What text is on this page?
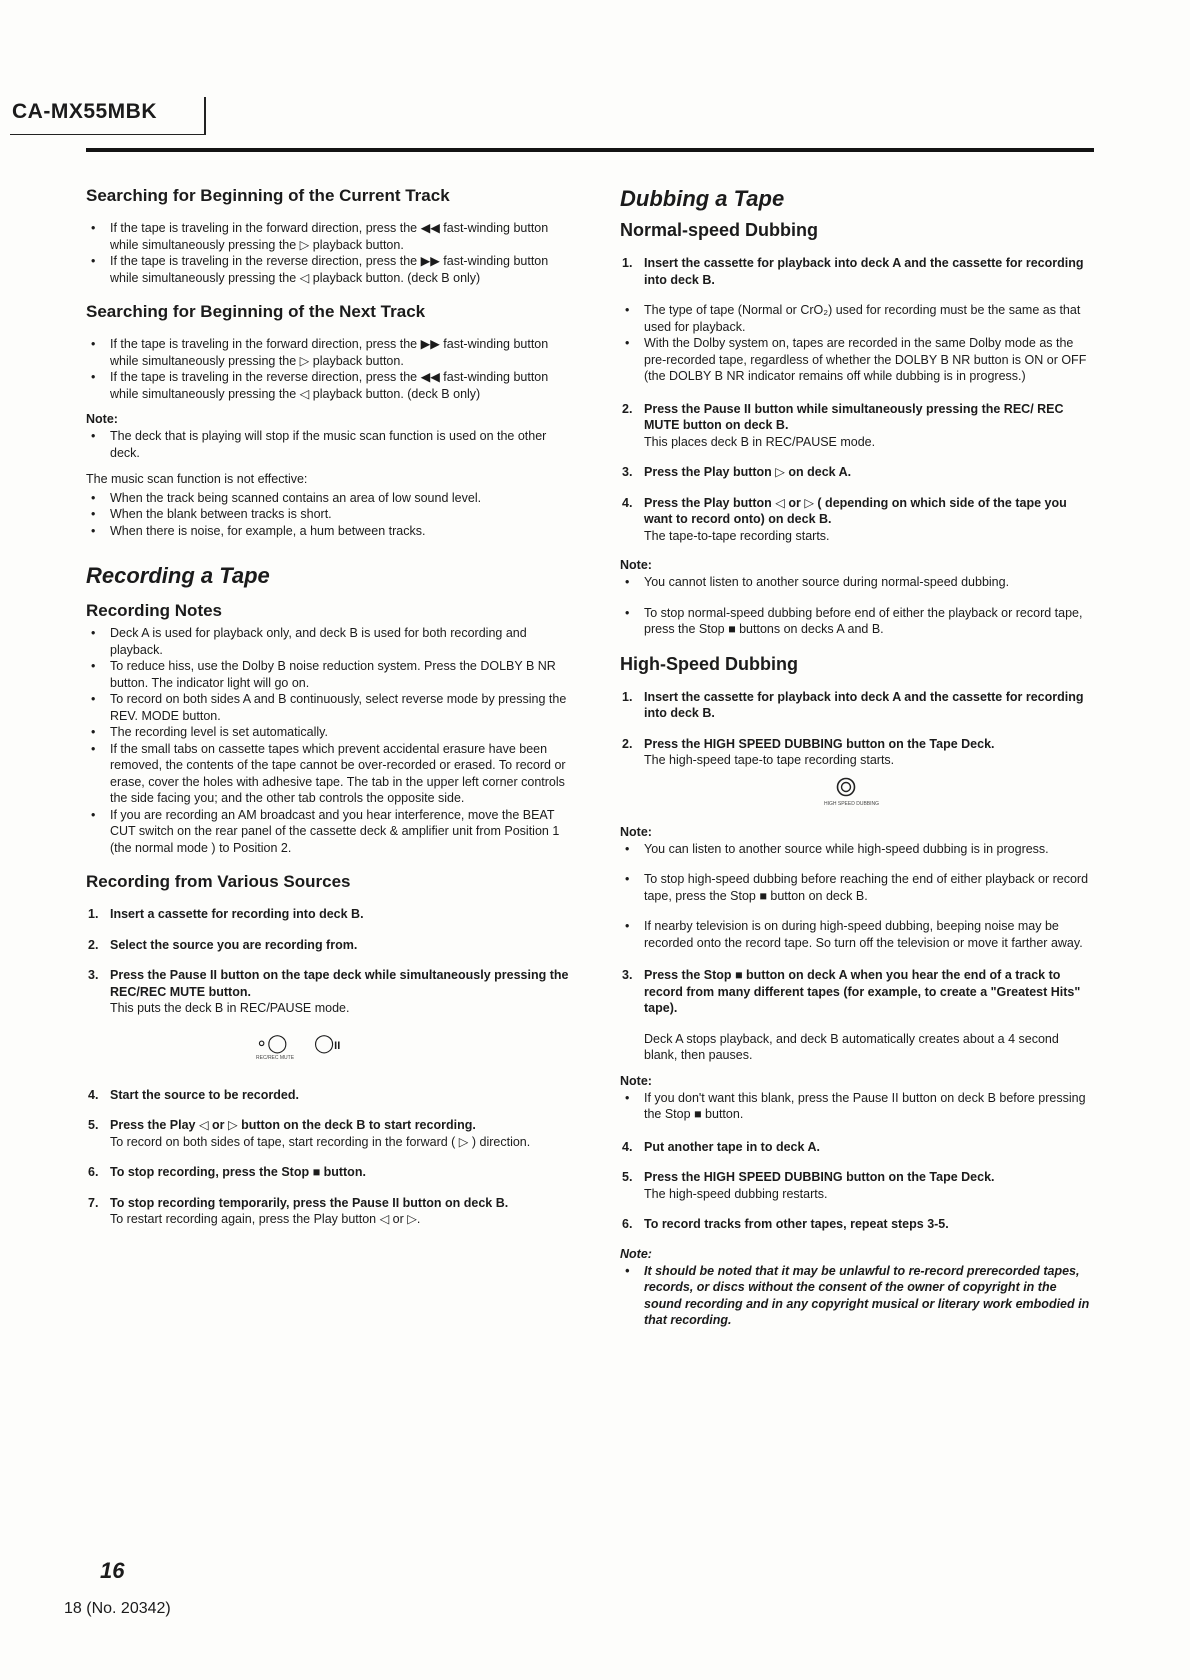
CA-MX55MBK
Searching for Beginning of the Current Track
• If the tape is traveling in the forward direction, press the ◀◀ fast-winding button while simultaneously pressing the ▷ playback button.
• If the tape is traveling in the reverse direction, press the ▶▶ fast-winding button while simultaneously pressing the ◁ playback button. (deck B only)
Searching for Beginning of the Next Track
• If the tape is traveling in the forward direction, press the ▶▶ fast-winding button while simultaneously pressing the ▷ playback button.
• If the tape is traveling in the reverse direction, press the ◀◀ fast-winding button while simultaneously pressing the ◁ playback button. (deck B only)
Note:
• The deck that is playing will stop if the music scan function is used on the other deck.
The music scan function is not effective:
• When the track being scanned contains an area of low sound level.
• When the blank between tracks is short.
• When there is noise, for example, a hum between tracks.
Recording a Tape
Recording Notes
• Deck A is used for playback only, and deck B is used for both recording and playback.
• To reduce hiss, use the Dolby B noise reduction system. Press the DOLBY B NR button. The indicator light will go on.
• To record on both sides A and B continuously, select reverse mode by pressing the REV. MODE button.
• The recording level is set automatically.
• If the small tabs on cassette tapes which prevent accidental erasure have been removed, the contents of the tape cannot be over-recorded or erased. To record or erase, cover the holes with adhesive tape. The tab in the upper left corner controls the side facing you; and the other tab controls the opposite side.
• If you are recording an AM broadcast and you hear interference, move the BEAT CUT switch on the rear panel of the cassette deck & amplifier unit from Position 1 (the normal mode ) to Position 2.
Recording from Various Sources
1. Insert a cassette for recording into deck B.
2. Select the source you are recording from.
3. Press the Pause II button on the tape deck while simultaneously pressing the REC/REC MUTE button.
This puts the deck B in REC/PAUSE mode.
∘◯
REC/REC MUTE
◯II
4. Start the source to be recorded.
5. Press the Play ◁ or ▷ button on the deck B to start recording.
To record on both sides of tape, start recording in the forward ( ▷ ) direction.
6. To stop recording, press the Stop ■ button.
7. To stop recording temporarily, press the Pause II button on deck B.
To restart recording again, press the Play button ◁ or ▷.
Dubbing a Tape
Normal-speed Dubbing
1. Insert the cassette for playback into deck A and the cassette for recording into deck B.
• The type of tape (Normal or CrO₂) used for recording must be the same as that used for playback.
• With the Dolby system on, tapes are recorded in the same Dolby mode as the pre-recorded tape, regardless of whether the DOLBY B NR button is ON or OFF (the DOLBY B NR indicator remains off while dubbing is in progress.)
2. Press the Pause II button while simultaneously pressing the REC/ REC MUTE button on deck B.
This places deck B in REC/PAUSE mode.
3. Press the Play button ▷ on deck A.
4. Press the Play button ◁ or ▷ ( depending on which side of the tape you want to record onto) on deck B.
The tape-to-tape recording starts.
Note:
• You cannot listen to another source during normal-speed dubbing.
• To stop normal-speed dubbing before end of either the playback or record tape, press the Stop ■ buttons on decks A and B.
High-Speed Dubbing
1. Insert the cassette for playback into deck A and the cassette for recording into deck B.
2. Press the HIGH SPEED DUBBING button on the Tape Deck.
The high-speed tape-to tape recording starts.
HIGH SPEED DUBBING
Note:
• You can listen to another source while high-speed dubbing is in progress.
• To stop high-speed dubbing before reaching the end of either playback or record tape, press the Stop ■ button on deck B.
• If nearby television is on during high-speed dubbing, beeping noise may be recorded onto the record tape. So turn off the television or move it farther away.
3. Press the Stop ■ button on deck A when you hear the end of a track to record from many different tapes (for example, to create a "Greatest Hits" tape).
Deck A stops playback, and deck B automatically creates about a 4 second blank, then pauses.
Note:
• If you don't want this blank, press the Pause II button on deck B before pressing the Stop ■ button.
4. Put another tape in to deck A.
5. Press the HIGH SPEED DUBBING button on the Tape Deck.
The high-speed dubbing restarts.
6. To record tracks from other tapes, repeat steps 3-5.
Note:
• It should be noted that it may be unlawful to re-record prerecorded tapes, records, or discs without the consent of the owner of copyright in the sound recording and in any copyright musical or literary work embodied in that recording.
16
18 (No. 20342)
